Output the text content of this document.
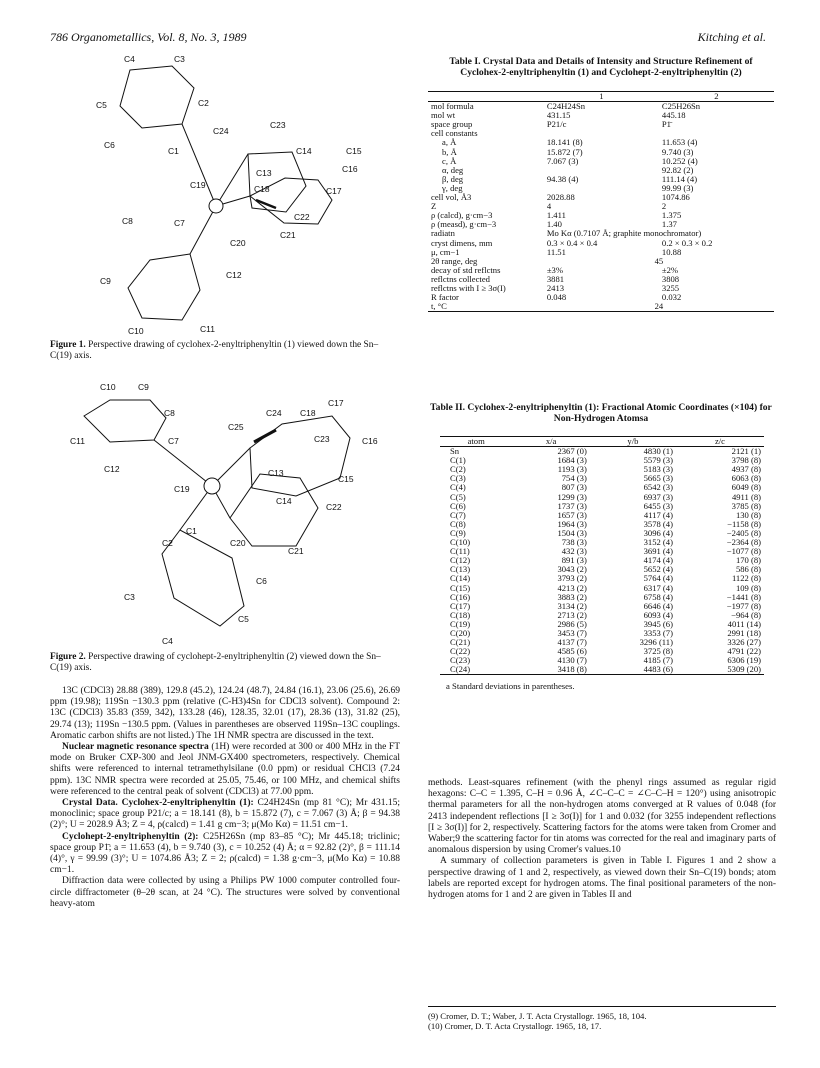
786 Organometallics, Vol. 8, No. 3, 1989	Kitching et al.
C4	C3
C5	C2
C24
C23
C6
C1	C14	C15
C13	C16
C19	C18	C17
C22
C8	C7
C20
C21
C9
C12
C10	C11
Figure 1. Perspective drawing of cyclohex-2-enyltriphenyltin (1) viewed down the Sn–C(19) axis.
C10	C9
C8
C17
C24 C18
C25
C11	C7	C23	C16
C12	C13
C15
C19
C14
C22
C1
C2	C20
C21
C6
C3
C5
C4
Figure 2. Perspective drawing of cyclohept-2-enyltriphenyltin (2) viewed down the Sn–C(19) axis.

13C (CDCl3) 28.88 (389), 129.8 (45.2), 124.24 (48.7), 24.84 (16.1), 23.06 (25.6), 26.69 ppm (19.98); 119Sn −130.3 ppm (relative (C-H3)4Sn for CDCl3 solvent). Compound 2: 13C (CDCl3) 35.83 (359, 342), 133.28 (46), 128.35, 32.01 (17), 28.36 (13), 31.82 (25), 29.74 (13); 119Sn −130.5 ppm. (Values in parentheses are observed 119Sn–13C couplings. Aromatic carbon shifts are not listed.) The 1H NMR spectra are discussed in the text.

Nuclear magnetic resonance spectra (1H) were recorded at 300 or 400 MHz in the FT mode on Bruker CXP-300 and Jeol JNM-GX400 spectrometers, respectively. Chemical shifts were referenced to internal tetramethylsilane (0.0 ppm) or residual CHCl3 (7.24 ppm). 13C NMR spectra were recorded at 25.05, 75.46, or 100 MHz, and chemical shifts were referenced to the central peak of solvent (CDCl3) at 77.00 ppm.

Crystal Data. Cyclohex-2-enyltriphenyltin (1): C24H24Sn (mp 81 °C); Mr 431.15; monoclinic; space group P21/c; a = 18.141 (8), b = 15.872 (7), c = 7.067 (3) Å; β = 94.38 (2)°; U = 2028.9 Å3; Z = 4, ρ(calcd) = 1.41 g cm−3; μ(Mo Kα) = 11.51 cm−1.

Cyclohept-2-enyltriphenyltin (2): C25H26Sn (mp 83–85 °C); Mr 445.18; triclinic; space group P1̄; a = 11.653 (4), b = 9.740 (3), c = 10.252 (4) Å; α = 92.82 (2)°, β = 111.14 (4)°, γ = 99.99 (3)°; U = 1074.86 Å3; Z = 2; ρ(calcd) = 1.38 g·cm−3, μ(Mo Kα) = 10.88 cm−1.

Diffraction data were collected by using a Philips PW 1000 computer controlled four-circle diffractometer (θ–2θ scan, at 24 °C). The structures were solved by conventional heavy-atom

Table I. Crystal Data and Details of Intensity and Structure Refinement of Cyclohex-2-enyltriphenyltin (1) and Cyclohept-2-enyltriphenyltin (2)
	1	2
mol formula	C24H24Sn	C25H26Sn
mol wt	431.15	445.18
space group	P21/c	P1̄
cell constants		
a, Å	18.141 (8)	11.653 (4)
b, Å	15.872 (7)	9.740 (3)
c, Å	7.067 (3)	10.252 (4)
α, deg		92.82 (2)
β, deg	94.38 (4)	111.14 (4)
γ, deg		99.99 (3)
cell vol, Å3	2028.88	1074.86
Z	4	2
ρ (calcd), g·cm−3	1.411	1.375
ρ (measd), g·cm−3	1.40	1.37
radiatn	Mo Kα (0.7107 Å; graphite monochromator)	
cryst dimens, mm	0.3 × 0.4 × 0.4	0.2 × 0.3 × 0.2
μ, cm−1	11.51	10.88
2θ range, deg	45	
decay of std reflctns	±3%	±2%
reflctns collected	3881	3808
reflctns with I ≥ 3σ(I)	2413	3255
R factor	0.048	0.032
t, °C	24	
Table II. Cyclohex-2-enyltriphenyltin (1): Fractional Atomic Coordinates (×104) for Non-Hydrogen Atomsa
atom	x/a	y/b	z/c
Sn	2367 (0)	4830 (1)	2121 (1)
C(1)	1684 (3)	5579 (3)	3798 (8)
C(2)	1193 (3)	5183 (3)	4937 (8)
C(3)	754 (3)	5665 (3)	6063 (8)
C(4)	807 (3)	6542 (3)	6049 (8)
C(5)	1299 (3)	6937 (3)	4911 (8)
C(6)	1737 (3)	6455 (3)	3785 (8)
C(7)	1657 (3)	4117 (4)	130 (8)
C(8)	1964 (3)	3578 (4)	−1158 (8)
C(9)	1504 (3)	3096 (4)	−2405 (8)
C(10)	738 (3)	3152 (4)	−2364 (8)
C(11)	432 (3)	3691 (4)	−1077 (8)
C(12)	891 (3)	4174 (4)	170 (8)
C(13)	3043 (2)	5652 (4)	586 (8)
C(14)	3793 (2)	5764 (4)	1122 (8)
C(15)	4213 (2)	6317 (4)	109 (8)
C(16)	3883 (2)	6758 (4)	−1441 (8)
C(17)	3134 (2)	6646 (4)	−1977 (8)
C(18)	2713 (2)	6093 (4)	−964 (8)
C(19)	2986 (5)	3945 (6)	4011 (14)
C(20)	3453 (7)	3353 (7)	2991 (18)
C(21)	4137 (7)	3296 (11)	3326 (27)
C(22)	4585 (6)	3725 (8)	4791 (22)
C(23)	4130 (7)	4185 (7)	6306 (19)
C(24)	3418 (8)	4483 (6)	5309 (20)
a Standard deviations in parentheses.

methods. Least-squares refinement (with the phenyl rings assumed as regular rigid hexagons: C–C = 1.395, C–H = 0.96 Å, ∠C–C–C = ∠C–C–H = 120°) using anisotropic thermal parameters for all the non-hydrogen atoms converged at R values of 0.048 (for 2413 independent reflections [I ≥ 3σ(I)] for 1 and 0.032 (for 3255 independent reflections [I ≥ 3σ(I)] for 2, respectively. Scattering factors for the atoms were taken from Cromer and Waber;9 the scattering factor for tin atoms was corrected for the real and imaginary parts of anomalous dispersion by using Cromer's values.10

A summary of collection parameters is given in Table I. Figures 1 and 2 show a perspective drawing of 1 and 2, respectively, as viewed down their Sn–C(19) bonds; atom labels are reported except for hydrogen atoms. The final positional parameters of the non-hydrogen atoms for 1 and 2 are given in Tables II and

(9) Cromer, D. T.; Waber, J. T. Acta Crystallogr. 1965, 18, 104.
(10) Cromer, D. T. Acta Crystallogr. 1965, 18, 17.
